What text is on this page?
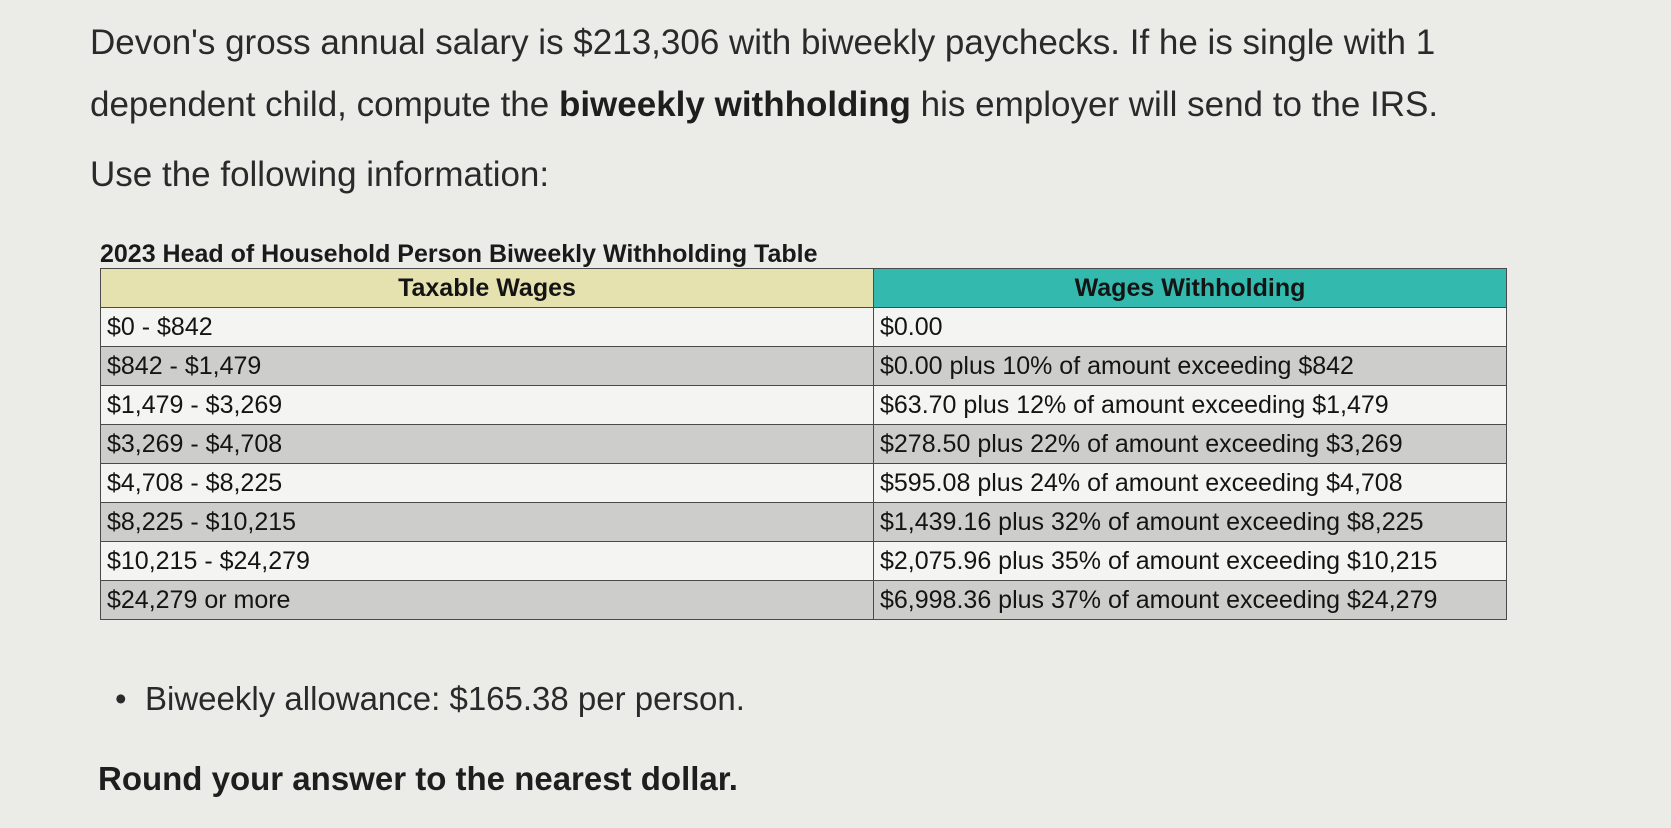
Devon's gross annual salary is $213,306 with biweekly paychecks. If he is single with 1 dependent child, compute the biweekly withholding his employer will send to the IRS.
Use the following information:
2023 Head of Household Person Biweekly Withholding Table
Taxable Wages	Wages Withholding
$0 - $842	$0.00
$842 - $1,479	$0.00 plus 10% of amount exceeding $842
$1,479 - $3,269	$63.70 plus 12% of amount exceeding $1,479
$3,269 - $4,708	$278.50 plus 22% of amount exceeding $3,269
$4,708 - $8,225	$595.08 plus 24% of amount exceeding $4,708
$8,225 - $10,215	$1,439.16 plus 32% of amount exceeding $8,225
$10,215 - $24,279	$2,075.96 plus 35% of amount exceeding $10,215
$24,279 or more	$6,998.36 plus 37% of amount exceeding $24,279
• Biweekly allowance: $165.38 per person.
Round your answer to the nearest dollar.
